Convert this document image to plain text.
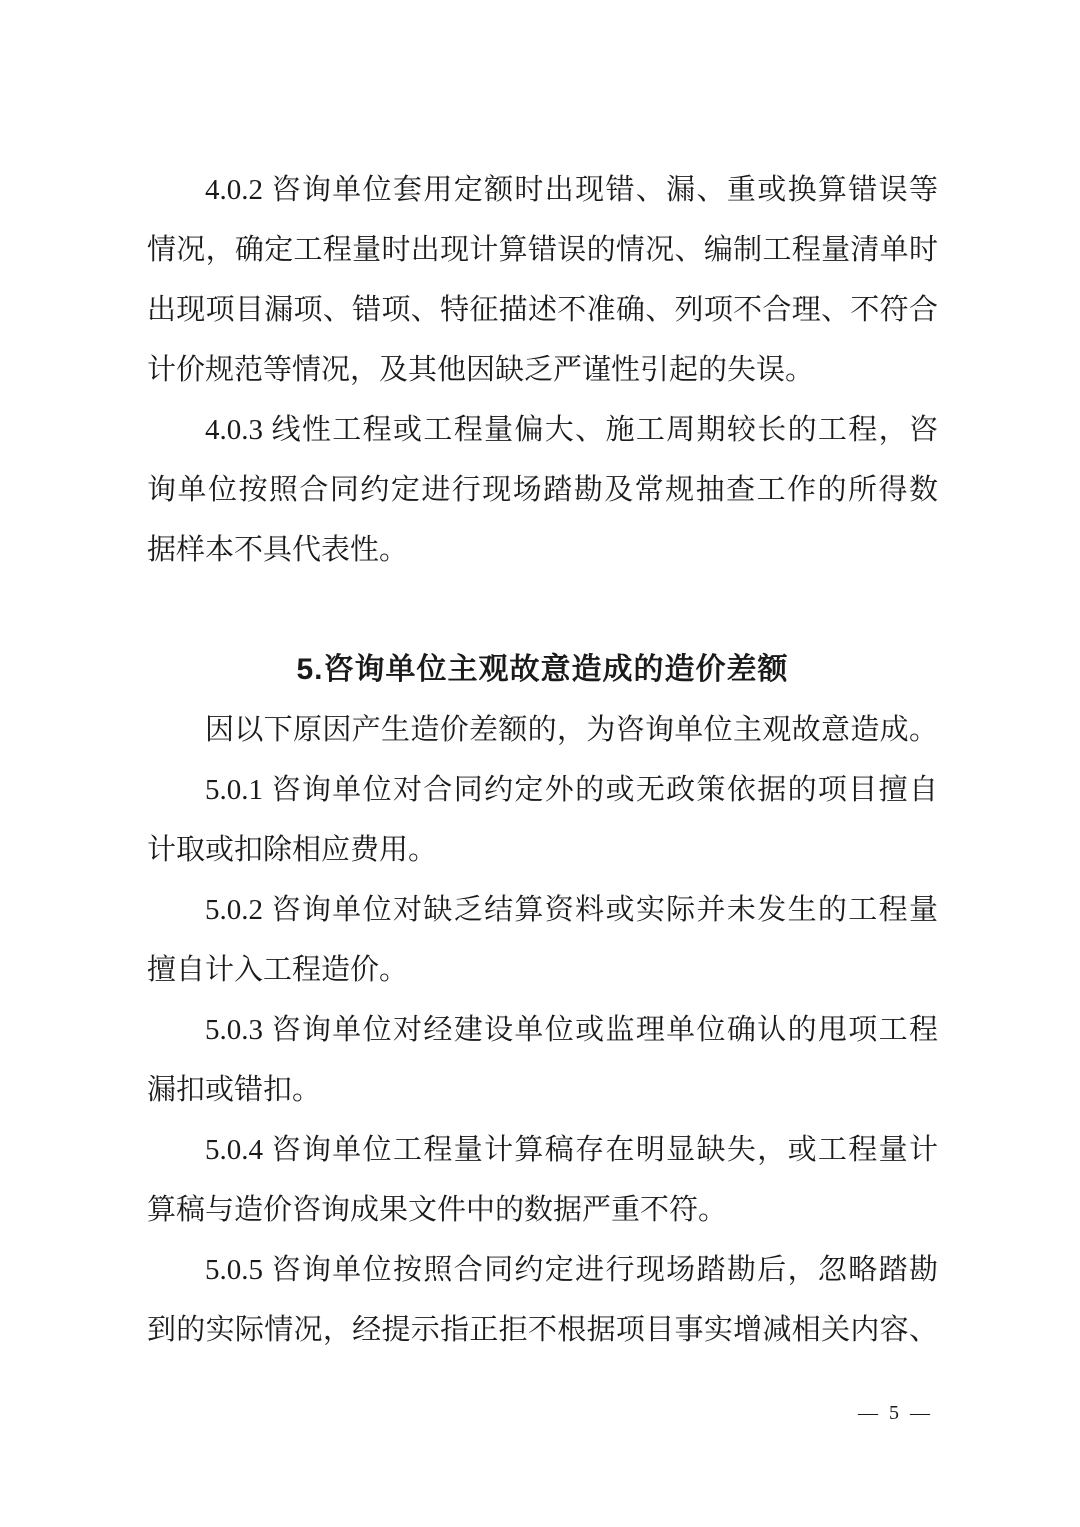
4.0.2 咨询单位套用定额时出现错、漏、重或换算错误等
情况，确定工程量时出现计算错误的情况、编制工程量清单时
出现项目漏项、错项、特征描述不准确、列项不合理、不符合
计价规范等情况，及其他因缺乏严谨性引起的失误。
4.0.3 线性工程或工程量偏大、施工周期较长的工程，咨
询单位按照合同约定进行现场踏勘及常规抽查工作的所得数
据样本不具代表性。
5.咨询单位主观故意造成的造价差额
因以下原因产生造价差额的，为咨询单位主观故意造成。
5.0.1 咨询单位对合同约定外的或无政策依据的项目擅自
计取或扣除相应费用。
5.0.2 咨询单位对缺乏结算资料或实际并未发生的工程量
擅自计入工程造价。
5.0.3 咨询单位对经建设单位或监理单位确认的甩项工程
漏扣或错扣。
5.0.4 咨询单位工程量计算稿存在明显缺失，或工程量计
算稿与造价咨询成果文件中的数据严重不符。
5.0.5 咨询单位按照合同约定进行现场踏勘后，忽略踏勘
到的实际情况，经提示指正拒不根据项目事实增减相关内容、
— 5 —
